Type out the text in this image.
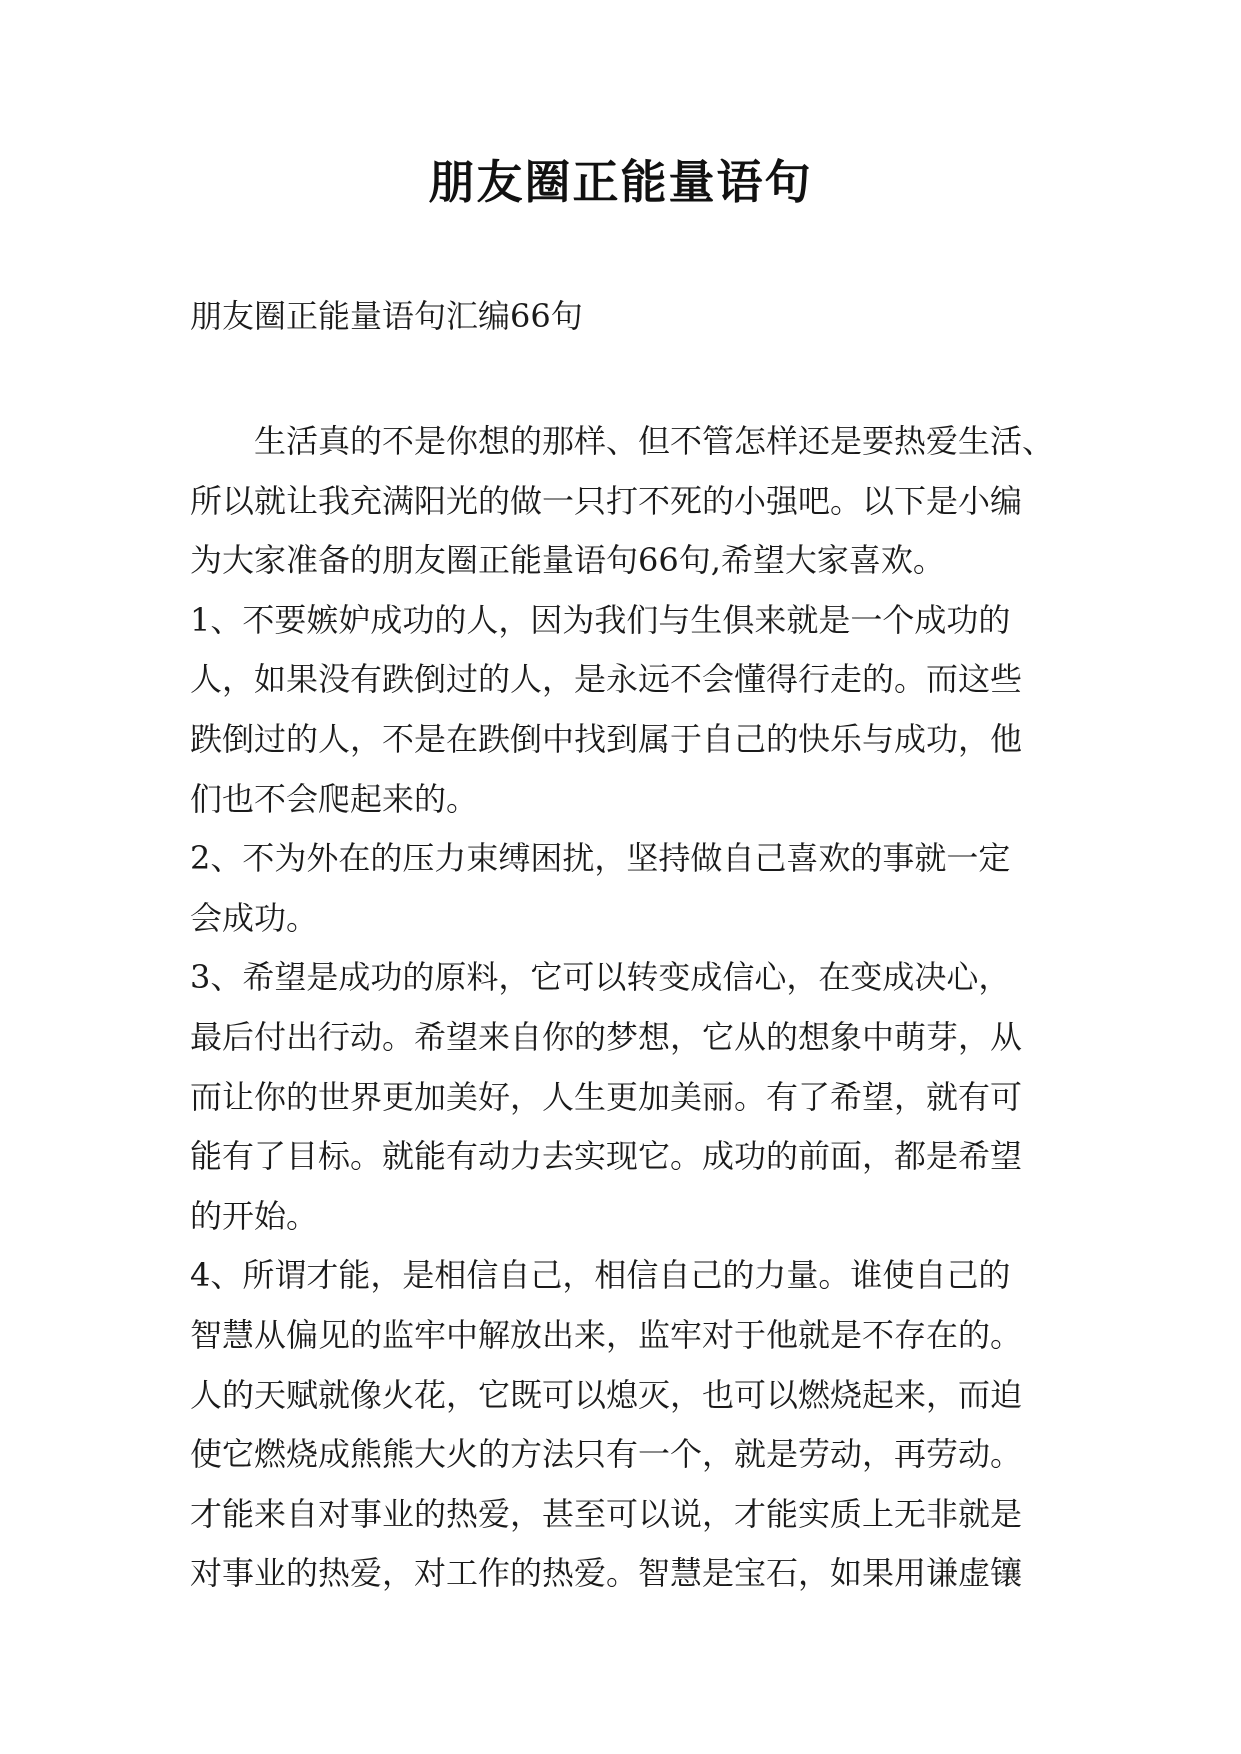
朋友圈正能量语句
朋友圈正能量语句汇编66句
生活真的不是你想的那样、但不管怎样还是要热爱生活、
所以就让我充满阳光的做一只打不死的小强吧。以下是小编
为大家准备的朋友圈正能量语句66句,希望大家喜欢。
1、不要嫉妒成功的人，因为我们与生俱来就是一个成功的
人，如果没有跌倒过的人，是永远不会懂得行走的。而这些
跌倒过的人，不是在跌倒中找到属于自己的快乐与成功，他
们也不会爬起来的。
2、不为外在的压力束缚困扰，坚持做自己喜欢的事就一定
会成功。
3、希望是成功的原料，它可以转变成信心，在变成决心，
最后付出行动。希望来自你的梦想，它从的想象中萌芽，从
而让你的世界更加美好，人生更加美丽。有了希望，就有可
能有了目标。就能有动力去实现它。成功的前面，都是希望
的开始。
4、所谓才能，是相信自己，相信自己的力量。谁使自己的
智慧从偏见的监牢中解放出来，监牢对于他就是不存在的。
人的天赋就像火花，它既可以熄灭，也可以燃烧起来，而迫
使它燃烧成熊熊大火的方法只有一个，就是劳动，再劳动。
才能来自对事业的热爱，甚至可以说，才能实质上无非就是
对事业的热爱，对工作的热爱。智慧是宝石，如果用谦虚镶
